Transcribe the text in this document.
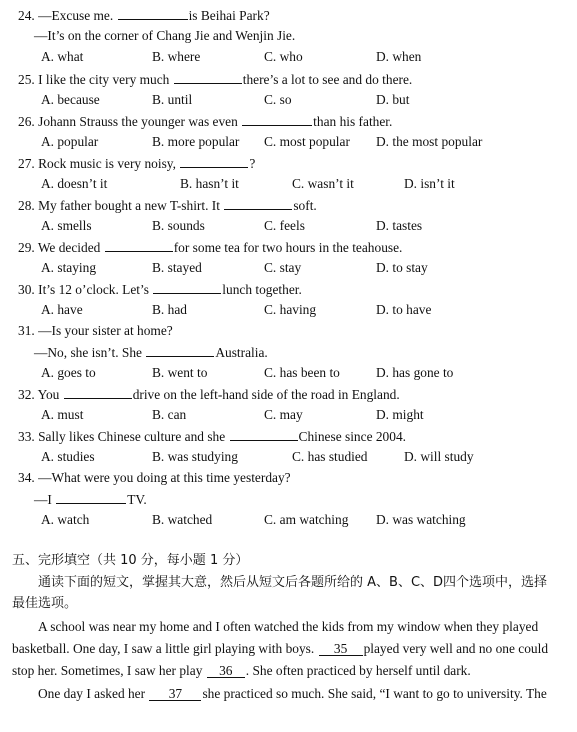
24. —Excuse me.	is Beihai Park?
—It’s on the corner of Chang Jie and Wenjin Jie.
A. what	B. where	C. who	D. when
25. I like the city very much	there’s a lot to see and do there.
A. because	B. until	C. so	D. but
26. Johann Strauss the younger was even	than his father.
A. popular	B. more popular C. most popular D. the most popular
27. Rock music is very noisy,	?
A. doesn’t it	B. hasn’t it	C. wasn’t it	D. isn’t it
28. My father bought a new T-shirt. It	soft.
A. smells	B. sounds	C. feels	D. tastes
29. We decided	for some tea for two hours in the teahouse.
A. staying	B. stayed	C. stay	D. to stay
30. It’s 12 o’clock. Let’s	lunch together.
A. have	B. had	C. having	D. to have
31. —Is your sister at home?
—No, she isn’t. She	Australia.
A. goes to	B. went to	C. has been to	D. has gone to
32. You	drive on the left-hand side of the road in England.
A. must	B. can	C. may	D. might
33. Sally likes Chinese culture and she	Chinese since 2004.
A. studies	B. was studying	C. has studied	D. will study
34. —What were you doing at this time yesterday?
—I	TV.
A. watch	B. watched	C. am watching D. was watching
五、完形填空（共 10 分，每小题 1 分）
通读下面的短文，掌握其大意，然后从短文后各题所给的 A、B、C、D四个选项中，选择
最佳选项。
A school was near my home and I often watched the kids from my window when they played
basketball. One day, I saw a little girl playing with boys. 35 played very well and no one could
stop her. Sometimes, I saw her play 36 . She often practiced by herself until dark.
One day I asked her 37 she practiced so much. She said, “I want to go to university. The
